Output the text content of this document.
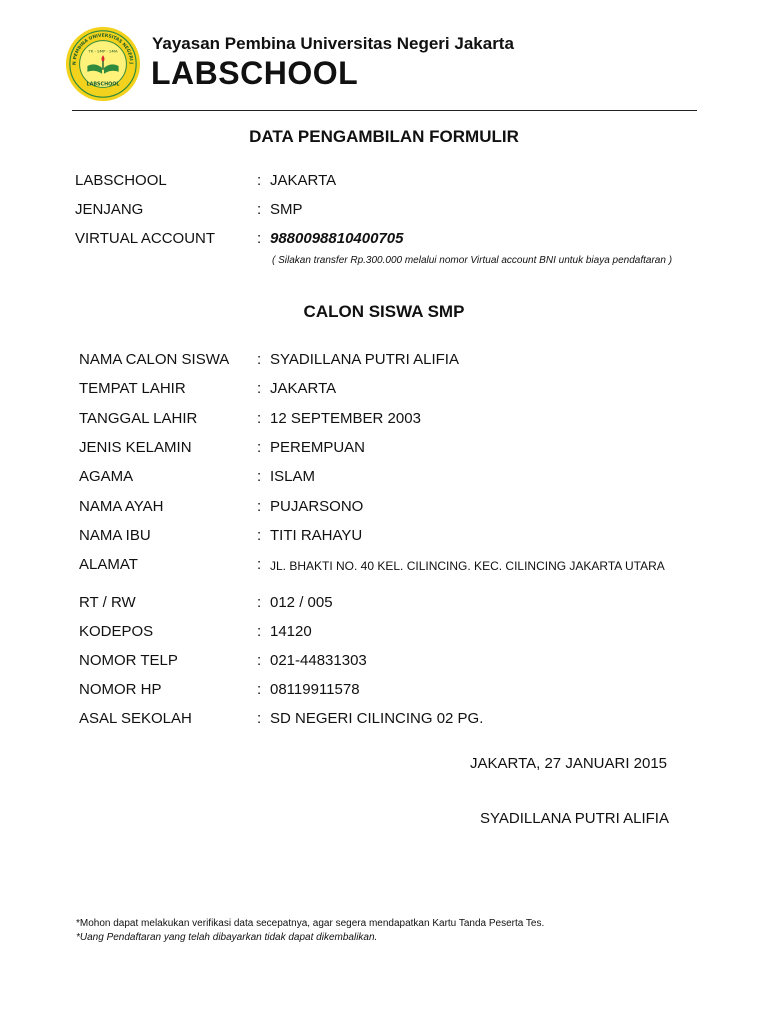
N PEMBINA UNIVERSITAS NEGERI J
TK - SMP - SMA
LABSCHOOL
Yayasan Pembina Universitas Negeri Jakarta
LABSCHOOL
DATA PENGAMBILAN FORMULIR
LABSCHOOL	: JAKARTA
JENJANG	: SMP
VIRTUAL ACCOUNT	: 9880098810400705
( Silakan transfer Rp.300.000 melalui nomor Virtual account BNI untuk biaya pendaftaran )
CALON SISWA SMP
NAMA CALON SISWA : SYADILLANA PUTRI ALIFIA
TEMPAT LAHIR	: JAKARTA
TANGGAL LAHIR	: 12 SEPTEMBER 2003
JENIS KELAMIN	: PEREMPUAN
AGAMA	: ISLAM
NAMA AYAH	: PUJARSONO
NAMA IBU	: TITI RAHAYU
ALAMAT	: JL. BHAKTI NO. 40 KEL. CILINCING. KEC. CILINCING JAKARTA UTARA
RT / RW	: 012 / 005
KODEPOS	: 14120
NOMOR TELP	: 021-44831303
NOMOR HP	: 08119911578
ASAL SEKOLAH	: SD NEGERI CILINCING 02 PG.
JAKARTA, 27 JANUARI 2015
SYADILLANA PUTRI ALIFIA
*Mohon dapat melakukan verifikasi data secepatnya, agar segera mendapatkan Kartu Tanda Peserta Tes.
*Uang Pendaftaran yang telah dibayarkan tidak dapat dikembalikan.
